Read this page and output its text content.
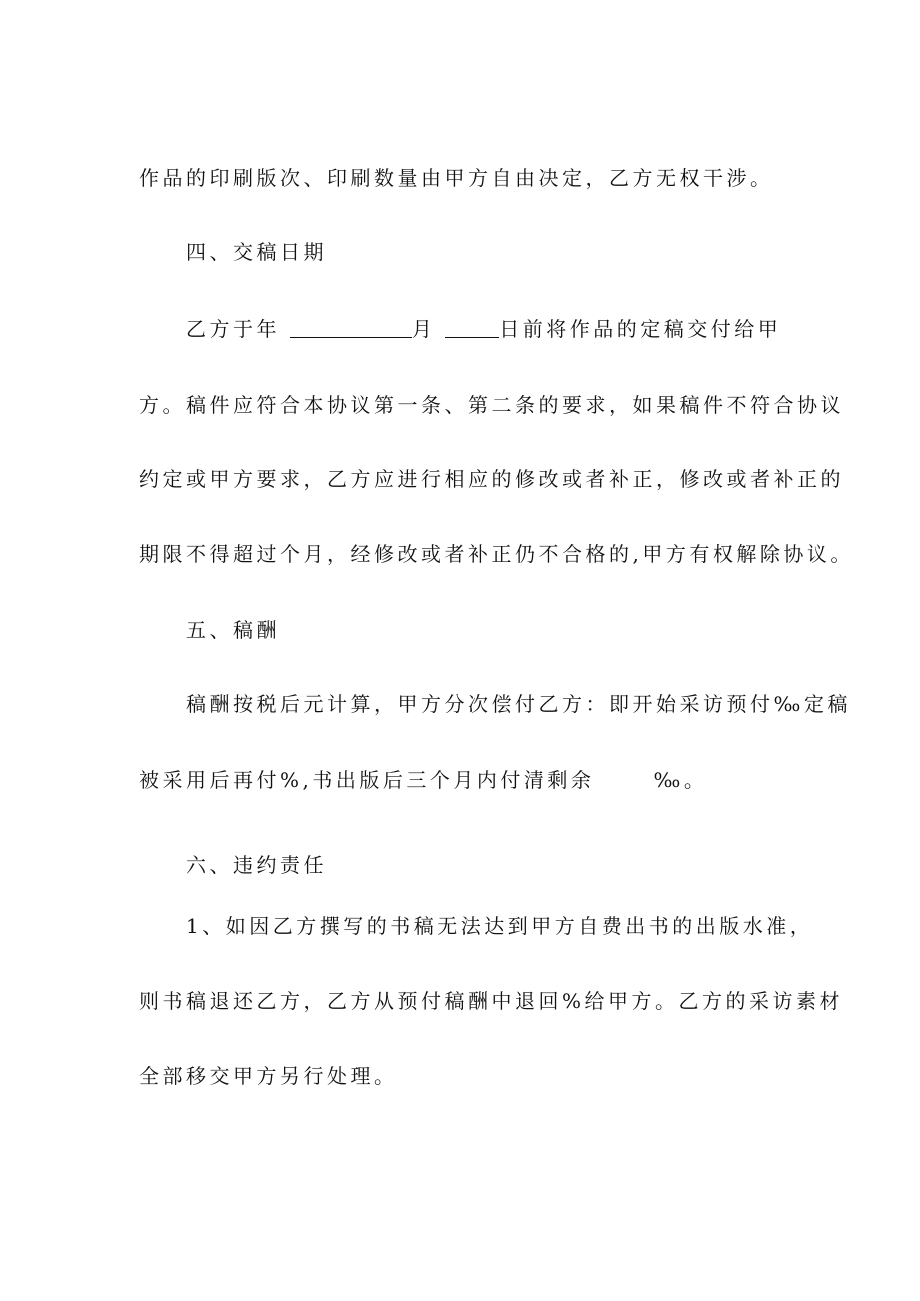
作品的印刷版次、印刷数量由甲方自由决定，乙方无权干涉。
四、交稿日期
乙方于年	月	日前将作品的定稿交付给甲
方。稿件应符合本协议第一条、第二条的要求，如果稿件不符合协议
约定或甲方要求，乙方应进行相应的修改或者补正，修改或者补正的
期限不得超过个月，经修改或者补正仍不合格的,甲方有权解除协议。
五、稿酬
稿酬按税后元计算，甲方分次偿付乙方：即开始采访预付‰定稿
被采用后再付%,书出版后三个月内付清剩余      ‰。
六、违约责任
1、如因乙方撰写的书稿无法达到甲方自费出书的出版水准，
则书稿退还乙方，乙方从预付稿酬中退回%给甲方。乙方的采访素材
全部移交甲方另行处理。
